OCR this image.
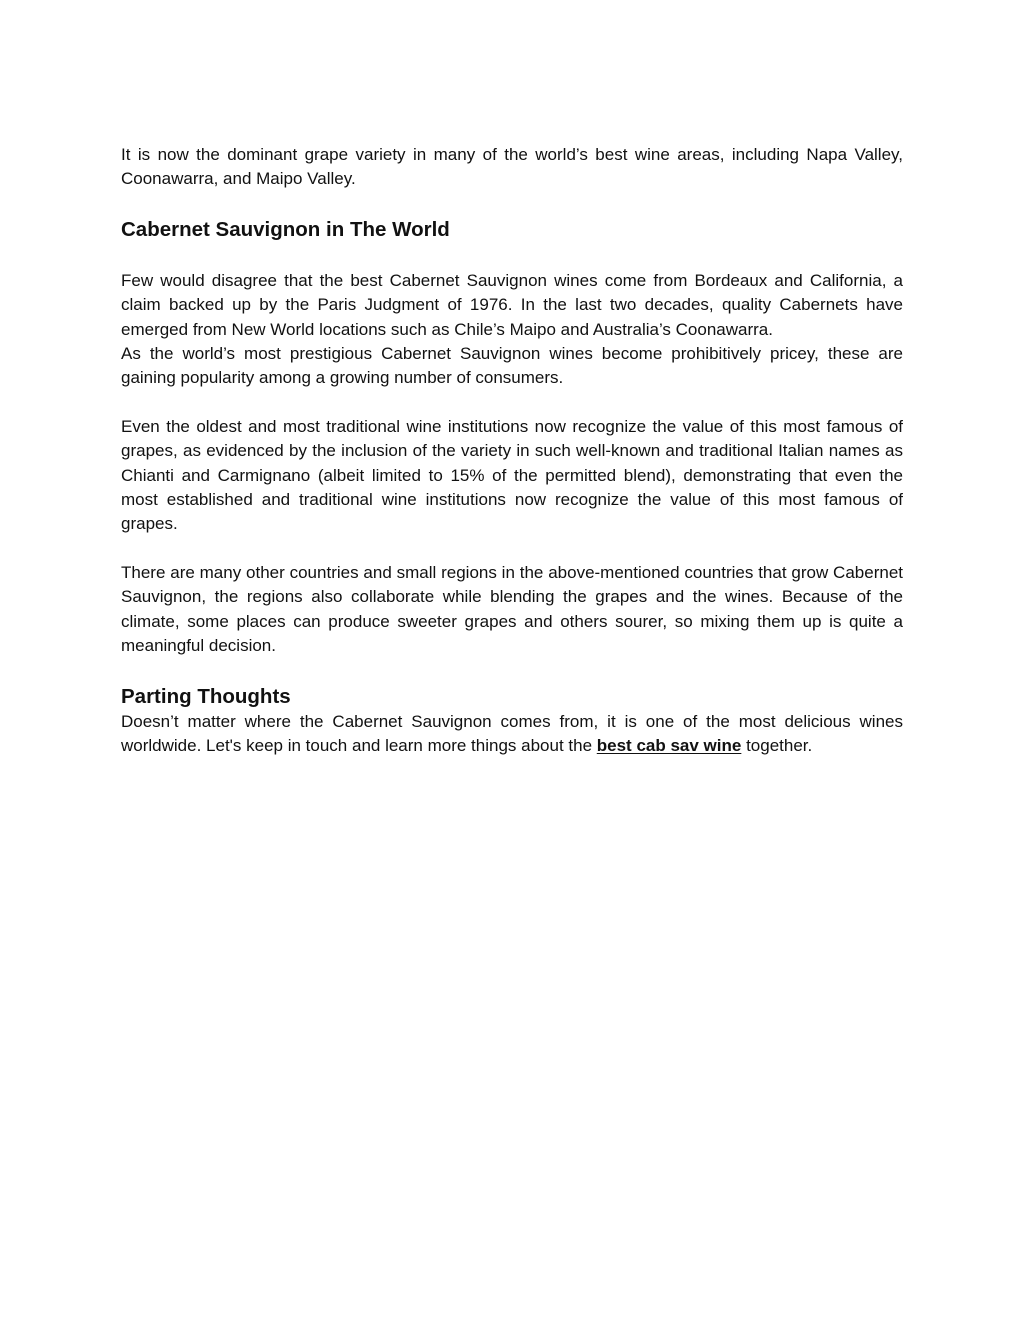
It is now the dominant grape variety in many of the world’s best wine areas, including Napa Valley, Coonawarra, and Maipo Valley.

Cabernet Sauvignon in The World

Few would disagree that the best Cabernet Sauvignon wines come from Bordeaux and California, a claim backed up by the Paris Judgment of 1976. In the last two decades, quality Cabernets have emerged from New World locations such as Chile’s Maipo and Australia’s Coonawarra.

As the world’s most prestigious Cabernet Sauvignon wines become prohibitively pricey, these are gaining popularity among a growing number of consumers.

Even the oldest and most traditional wine institutions now recognize the value of this most famous of grapes, as evidenced by the inclusion of the variety in such well-known and traditional Italian names as Chianti and Carmignano (albeit limited to 15% of the permitted blend), demonstrating that even the most established and traditional wine institutions now recognize the value of this most famous of grapes.

There are many other countries and small regions in the above-mentioned countries that grow Cabernet Sauvignon, the regions also collaborate while blending the grapes and the wines. Because of the climate, some places can produce sweeter grapes and others sourer, so mixing them up is quite a meaningful decision.

Parting Thoughts

Doesn’t matter where the Cabernet Sauvignon comes from, it is one of the most delicious wines worldwide. Let's keep in touch and learn more things about the best cab sav wine together.
